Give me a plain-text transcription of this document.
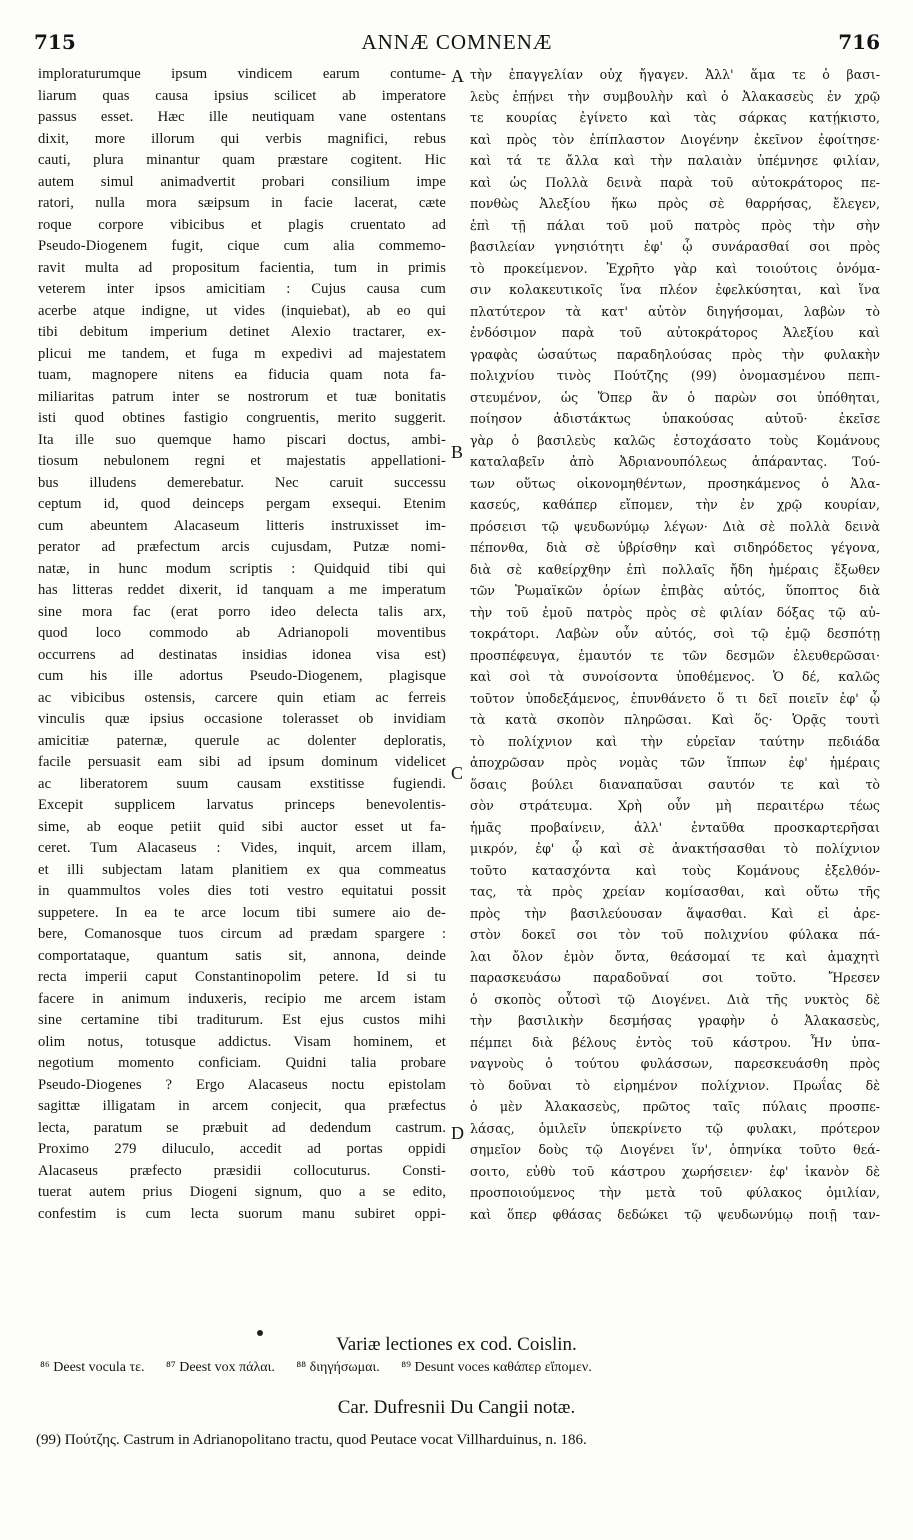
715	ANNÆ COMNENÆ	716
imploraturumque ipsum vindicem earum contume-
liarum quas causa ipsius scilicet ab imperatore
passus esset. Hæc ille neutiquam vane ostentans
dixit, more illorum qui verbis magnifici, rebus
cauti, plura minantur quam præstare cogitent. Hic
autem simul animadvertit probari consilium impe
ratori, nulla mora sæipsum in facie lacerat, cæte
roque corpore vibicibus et plagis cruentato ad
Pseudo-Diogenem fugit, cique cum alia commemo-
ravit multa ad propositum facientia, tum in primis
veterem inter ipsos amicitiam : Cujus causa cum
acerbe atque indigne, ut vides (inquiebat), ab eo qui
tibi debitum imperium detinet Alexio tractarer, ex-
plicui me tandem, et fuga m expedivi ad majestatem
tuam, magnopere nitens ea fiducia quam nota fa-
miliaritas patrum inter se nostrorum et tuæ bonitatis
isti quod obtines fastigio congruentis, merito suggerit.
Ita ille suo quemque hamo piscari doctus, ambi-
tiosum nebulonem regni et majestatis appellationi-
bus illudens demerebatur. Nec caruit successu
ceptum id, quod deinceps pergam exsequi. Etenim
cum abeuntem Alacaseum litteris instruxisset im-
perator ad præfectum arcis cujusdam, Putzæ nomi-
natæ, in hunc modum scriptis : Quidquid tibi qui
has litteras reddet dixerit, id tanquam a me imperatum
sine mora fac (erat porro ideo delecta talis arx,
quod loco commodo ab Adrianopoli moventibus
occurrens ad destinatas insidias idonea visa est)
cum his ille adortus Pseudo-Diogenem, plagisque
ac vibicibus ostensis, carcere quin etiam ac ferreis
vinculis quæ ipsius occasione tolerasset ob invidiam
amicitiæ paternæ, querule ac dolenter deploratis,
facile persuasit eam sibi ad ipsum dominum videlicet
ac liberatorem suum causam exstitisse fugiendi.
Excepit supplicem larvatus princeps benevolentis-
sime, ab eoque petiit quid sibi auctor esset ut fa-
ceret. Tum Alacaseus : Vides, inquit, arcem illam,
et illi subjectam latam planitiem ex qua commeatus
in quammultos voles dies toti vestro equitatui possit
suppetere. In ea te arce locum tibi sumere aio de-
bere, Comanosque tuos circum ad prædam spargere :
comportataque, quantum satis sit, annona, deinde
recta imperii caput Constantinopolim petere. Id si tu
facere in animum induxeris, recipio me arcem istam
sine certamine tibi traditurum. Est ejus custos mihi
olim notus, totusque addictus. Visam hominem, et
negotium momento conficiam. Quidni talia probare
Pseudo-Diogenes ? Ergo Alacaseus noctu epistolam
sagittæ illigatam in arcem conjecit, qua præfectus
lecta, paratum se præbuit ad dedendum castrum.
Proximo 279 diluculo, accedit ad portas oppidi
Alacaseus præfecto præsidii collocuturus. Consti-
tuerat autem prius Diogeni signum, quo a se edito,
confestim is cum lecta suorum manu subiret oppi-
τὴν ἐπαγγελίαν οὐχ ἤγαγεν. Ἀλλ' ἅμα τε ὁ βασι-
λεὺς ἐπῄνει τὴν συμβουλὴν καὶ ὁ Ἀλακασεὺς ἐν χρῷ
τε κουρίας ἐγίνετο καὶ τὰς σάρκας κατῄκιστο,
καὶ πρὸς τὸν ἐπίπλαστον Διογένην ἐκεῖνον ἐφοίτησε·
καὶ τά τε ἄλλα καὶ τὴν παλαιὰν ὑπέμνησε φιλίαν,
καὶ ὡς Πολλὰ δεινὰ παρὰ τοῦ αὐτοκράτορος πε-
πονθὼς Ἀλεξίου ἥκω πρὸς σὲ θαρρήσας, ἔλεγεν,
ἐπὶ τῇ πάλαι τοῦ μοῦ πατρὸς πρὸς τὴν σὴν
βασιλείαν γνησιότητι ἐφ' ᾧ συνάρασθαί σοι πρὸς
τὸ προκείμενον. Ἐχρῆτο γὰρ καὶ τοιούτοις ὀνόμα-
σιν κολακευτικοῖς ἵνα πλέον ἐφελκύσηται, καὶ ἵνα
πλατύτερον τὰ κατ' αὐτὸν διηγήσομαι, λαβὼν τὸ
ἐνδόσιμον παρὰ τοῦ αὐτοκράτορος Ἀλεξίου καὶ
γραφὰς ὡσαύτως παραδηλούσας πρὸς τὴν φυλακὴν
πολιχνίου τινὸς Πούτζης (99) ὀνομασμένου πεπι-
στευμένον, ὡς Ὅπερ ἂν ὁ παρὼν σοι ὑπόθηται,
ποίησον ἀδιστάκτως ὑπακούσας αὐτοῦ· ἐκεῖσε
γὰρ ὁ βασιλεὺς καλῶς ἐστοχάσατο τοὺς Κομάνους
καταλαβεῖν ἀπὸ Ἀδριανουπόλεως ἀπάραντας. Τού-
των οὕτως οἰκονομηθέντων, προσηκάμενος ὁ Ἀλα-
κασεύς, καθάπερ εἴπομεν, τὴν ἐν χρῷ κουρίαν,
πρόσεισι τῷ ψευδωνύμῳ λέγων· Διὰ σὲ πολλὰ δεινὰ
πέπονθα, διὰ σὲ ὑβρίσθην καὶ σιδηρόδετος γέγονα,
διὰ σὲ καθείρχθην ἐπὶ πολλαῖς ἤδη ἡμέραις ἔξωθεν
τῶν Ῥωμαϊκῶν ὁρίων ἐπιβὰς αὐτός, ὕποπτος διὰ
τὴν τοῦ ἐμοῦ πατρὸς πρὸς σὲ φιλίαν δόξας τῷ αὐ-
τοκράτορι. Λαβὼν οὖν αὐτός, σοὶ τῷ ἐμῷ δεσπότῃ
προσπέφευγα, ἐμαυτόν τε τῶν δεσμῶν ἐλευθερῶσαι·
καὶ σοὶ τὰ συνοίσοντα ὑποθέμενος. Ὁ δέ, καλῶς
τοῦτον ὑποδεξάμενος, ἐπυνθάνετο ὅ τι δεῖ ποιεῖν ἐφ' ᾧ
τὰ κατὰ σκοπὸν πληρῶσαι. Καὶ ὅς· Ὁρᾷς τουτὶ
τὸ πολίχνιον καὶ τὴν εὐρεῖαν ταύτην πεδιάδα
ἀποχρῶσαν πρὸς νομὰς τῶν ἵππων ἐφ' ἡμέραις
ὅσαις βούλει διαναπαῦσαι σαυτόν τε καὶ τὸ
σὸν στράτευμα. Χρὴ οὖν μὴ περαιτέρω τέως
ἡμᾶς προβαίνειν, ἀλλ' ἐνταῦθα προσκαρτερῆσαι
μικρόν, ἐφ' ᾧ καὶ σὲ ἀνακτήσασθαι τὸ πολίχνιον
τοῦτο κατασχόντα καὶ τοὺς Κομάνους ἐξελθόν-
τας, τὰ πρὸς χρείαν κομίσασθαι, καὶ οὕτω τῆς
πρὸς τὴν βασιλεύουσαν ἅψασθαι. Καὶ εἰ ἀρε-
στὸν δοκεῖ σοι τὸν τοῦ πολιχνίου φύλακα πά-
λαι ὄλον ἐμὸν ὄντα, θεάσομαί τε καὶ ἀμαχητὶ
παρασκευάσω παραδοῦναί σοι τοῦτο. Ἤρεσεν
ὁ σκοπὸς οὗτοσὶ τῷ Διογένει. Διὰ τῆς νυκτὸς δὲ
τὴν βασιλικὴν δεσμήσας γραφὴν ὁ Ἀλακασεὺς,
πέμπει διὰ βέλους ἐντὸς τοῦ κάστρου. Ἦν ὑπα-
ναγνοὺς ὁ τούτου φυλάσσων, παρεσκευάσθη πρὸς
τὸ δοῦναι τὸ εἰρημένον πολίχνιον. Πρωΐας δὲ
ὁ μὲν Ἀλακασεὺς, πρῶτος ταῖς πύλαις προσπε-
λάσας, ὁμιλεῖν ὑπεκρίνετο τῷ φυλακι, πρότερον
σημεῖον δοὺς τῷ Διογένει ἵν', ὁπηνίκα τοῦτο θεά-
σοιτο, εὐθὺ τοῦ κάστρου χωρήσειεν· ἐφ' ἱκανὸν δὲ
προσποιούμενος τὴν μετὰ τοῦ φύλακος ὁμιλίαν,
καὶ ὅπερ φθάσας δεδώκει τῷ ψευδωνύμῳ ποιῇ ταν-
A
B
C
D
Variæ lectiones ex cod. Coislin.
⁸⁶ Deest vocula τε. ⁸⁷ Deest vox πάλαι. ⁸⁸ διηγήσωμαι. ⁸⁹ Desunt voces καθάπερ εἴπομεν.
Car. Dufresnii Du Cangii notæ.
(99) Πούτζης. Castrum in Adrianopolitano tractu, quod Peutace vocat Villharduinus, n. 186.
